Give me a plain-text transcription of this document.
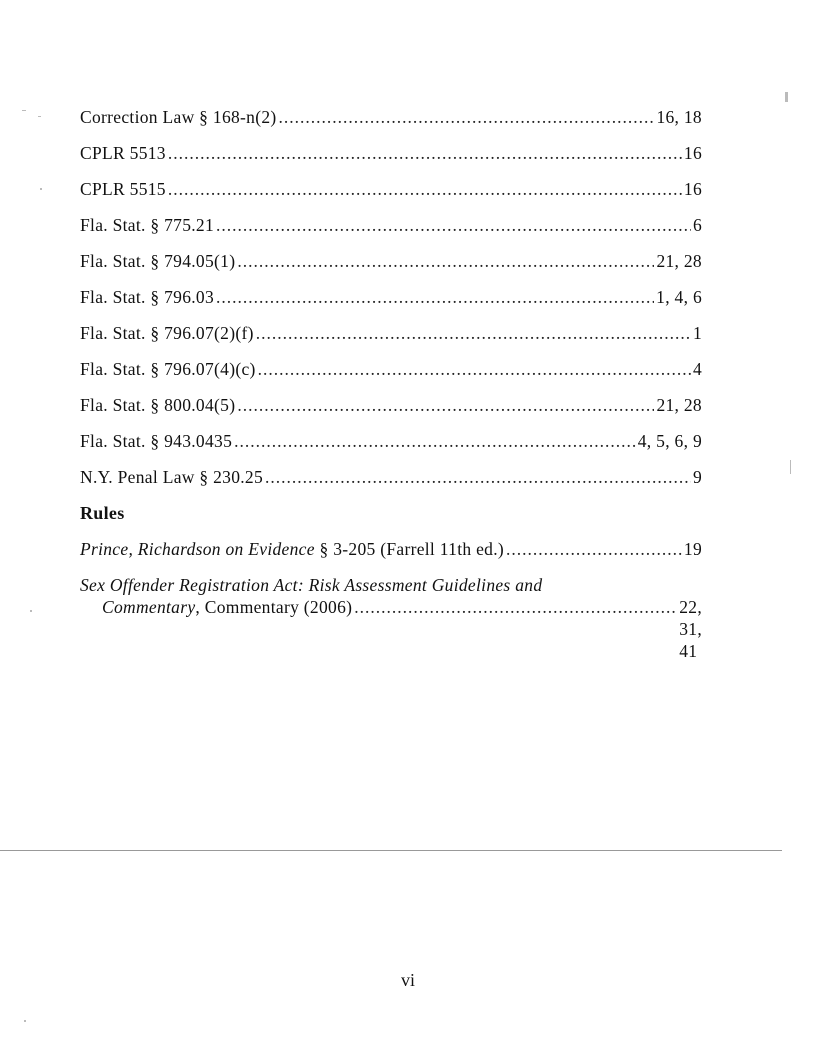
Correction Law § 168-n(2) .....	16, 18
CPLR 5513 .....	16
CPLR 5515 .....	16
Fla. Stat. § 775.21 .....	6
Fla. Stat. § 794.05(1) .....	21, 28
Fla. Stat. § 796.03 .....	1, 4, 6
Fla. Stat. § 796.07(2)(f) .....	1
Fla. Stat. § 796.07(4)(c) .....	4
Fla. Stat. § 800.04(5) .....	21, 28
Fla. Stat. § 943.0435 .....	4, 5, 6, 9
N.Y. Penal Law § 230.25 .....	9
Rules
Prince, Richardson on Evidence § 3-205 (Farrell 11th ed.) .....	19
Sex Offender Registration Act: Risk Assessment Guidelines and
Commentary, Commentary (2006) .....	22, 31, 41
vi
